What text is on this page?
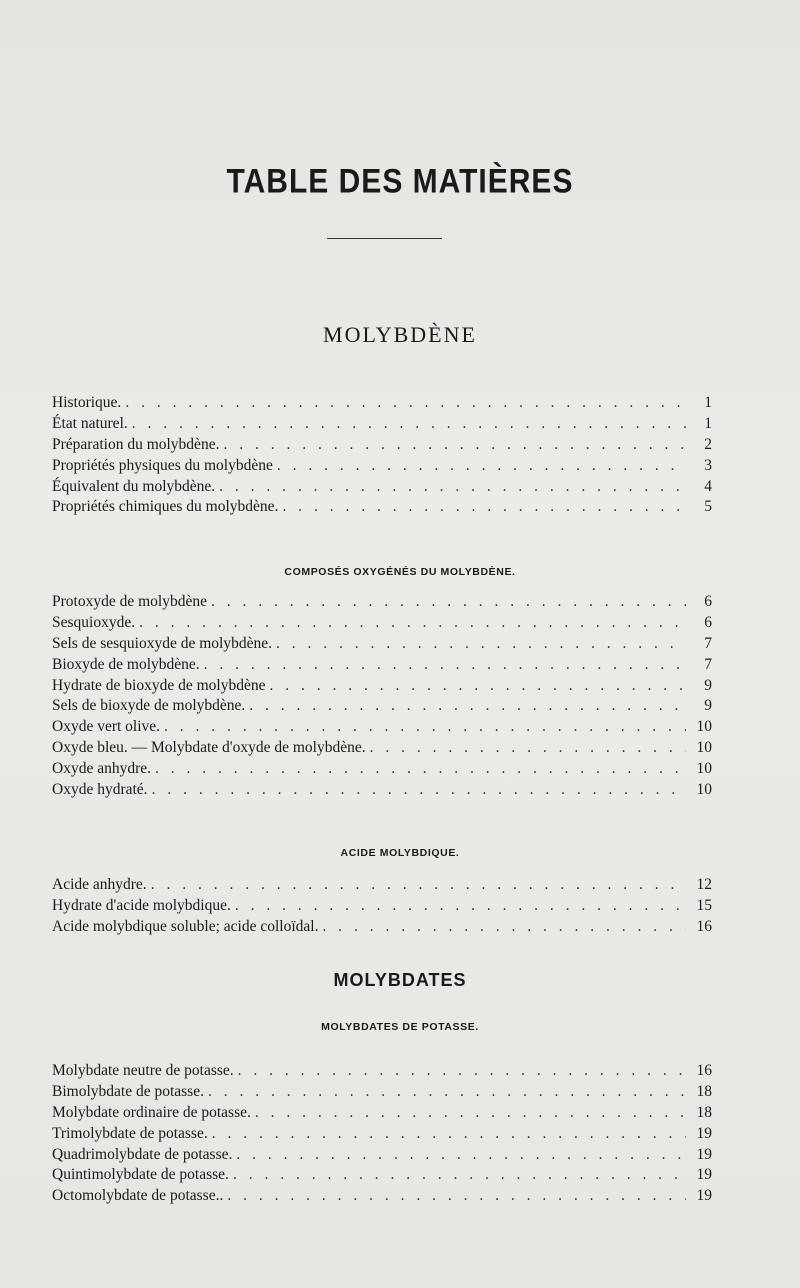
TABLE DES MATIÈRES
MOLYBDÈNE
Historique. . . .	1
État naturel. . . .	1
Préparation du molybdène. . . .	2
Propriétés physiques du molybdène . . .	3
Équivalent du molybdène. . . .	4
Propriétés chimiques du molybdène. . . .	5
COMPOSÉS OXYGÉNÉS DU MOLYBDÈNE.
Protoxyde de molybdène . . .	6
Sesquioxyde. . . .	6
Sels de sesquioxyde de molybdène. . . .	7
Bioxyde de molybdène. . . .	7
Hydrate de bioxyde de molybdène . . .	9
Sels de bioxyde de molybdène. . . .	9
Oxyde vert olive. . . .	10
Oxyde bleu. — Molybdate d'oxyde de molybdène. . . .	10
Oxyde anhydre. . . .	10
Oxyde hydraté. . . .	10
ACIDE MOLYBDIQUE.
Acide anhydre. . . .	12
Hydrate d'acide molybdique. . . .	15
Acide molybdique soluble; acide colloïdal. . . .	16
MOLYBDATES
MOLYBDATES DE POTASSE.
Molybdate neutre de potasse. . . .	16
Bimolybdate de potasse. . . .	18
Molybdate ordinaire de potasse. . . .	18
Trimolybdate de potasse. . . .	19
Quadrimolybdate de potasse. . . .	19
Quintimolybdate de potasse. . . .	19
Octomolybdate de potasse.. . . .	19
